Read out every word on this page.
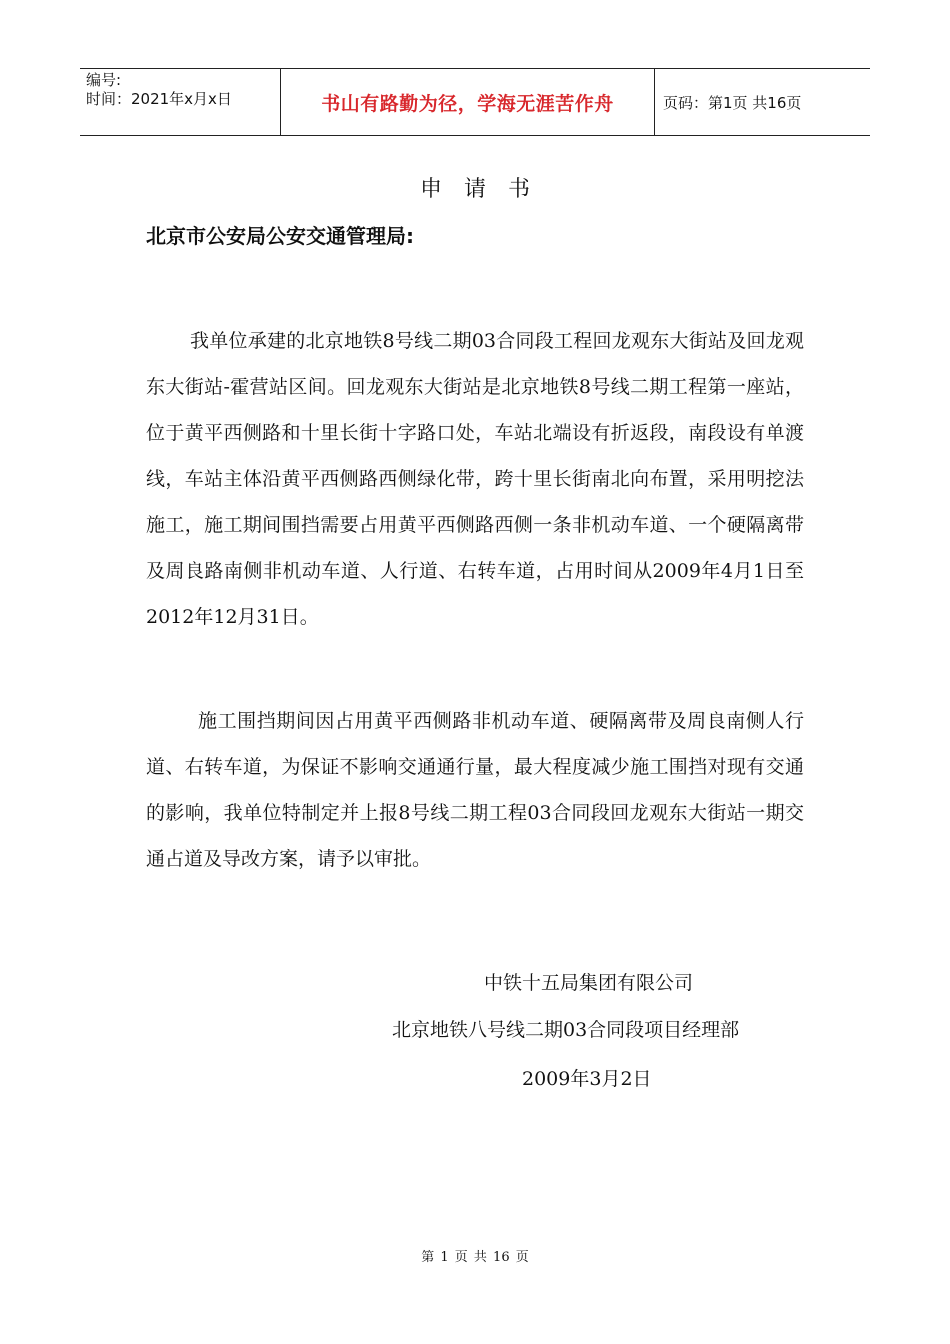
编号:
时间：2021年x月x日	书山有路勤为径，学海无涯苦作舟	页码：第1页 共16页
申请书
北京市公安局公安交通管理局:

我单位承建的北京地铁8号线二期03合同段工程回龙观东大街站及回龙观东大街站-霍营站区间。回龙观东大街站是北京地铁8号线二期工程第一座站，位于黄平西侧路和十里长街十字路口处，车站北端设有折返段，南段设有单渡线，车站主体沿黄平西侧路西侧绿化带，跨十里长街南北向布置，采用明挖法施工，施工期间围挡需要占用黄平西侧路西侧一条非机动车道、一个硬隔离带及周良路南侧非机动车道、人行道、右转车道，占用时间从2009年4月1日至2012年12月31日。

施工围挡期间因占用黄平西侧路非机动车道、硬隔离带及周良南侧人行道、右转车道，为保证不影响交通通行量，最大程度减少施工围挡对现有交通的影响，我单位特制定并上报8号线二期工程03合同段回龙观东大街站一期交通占道及导改方案，请予以审批。

中铁十五局集团有限公司
北京地铁八号线二期03合同段项目经理部
2009年3月2日
第 1 页 共 16 页
